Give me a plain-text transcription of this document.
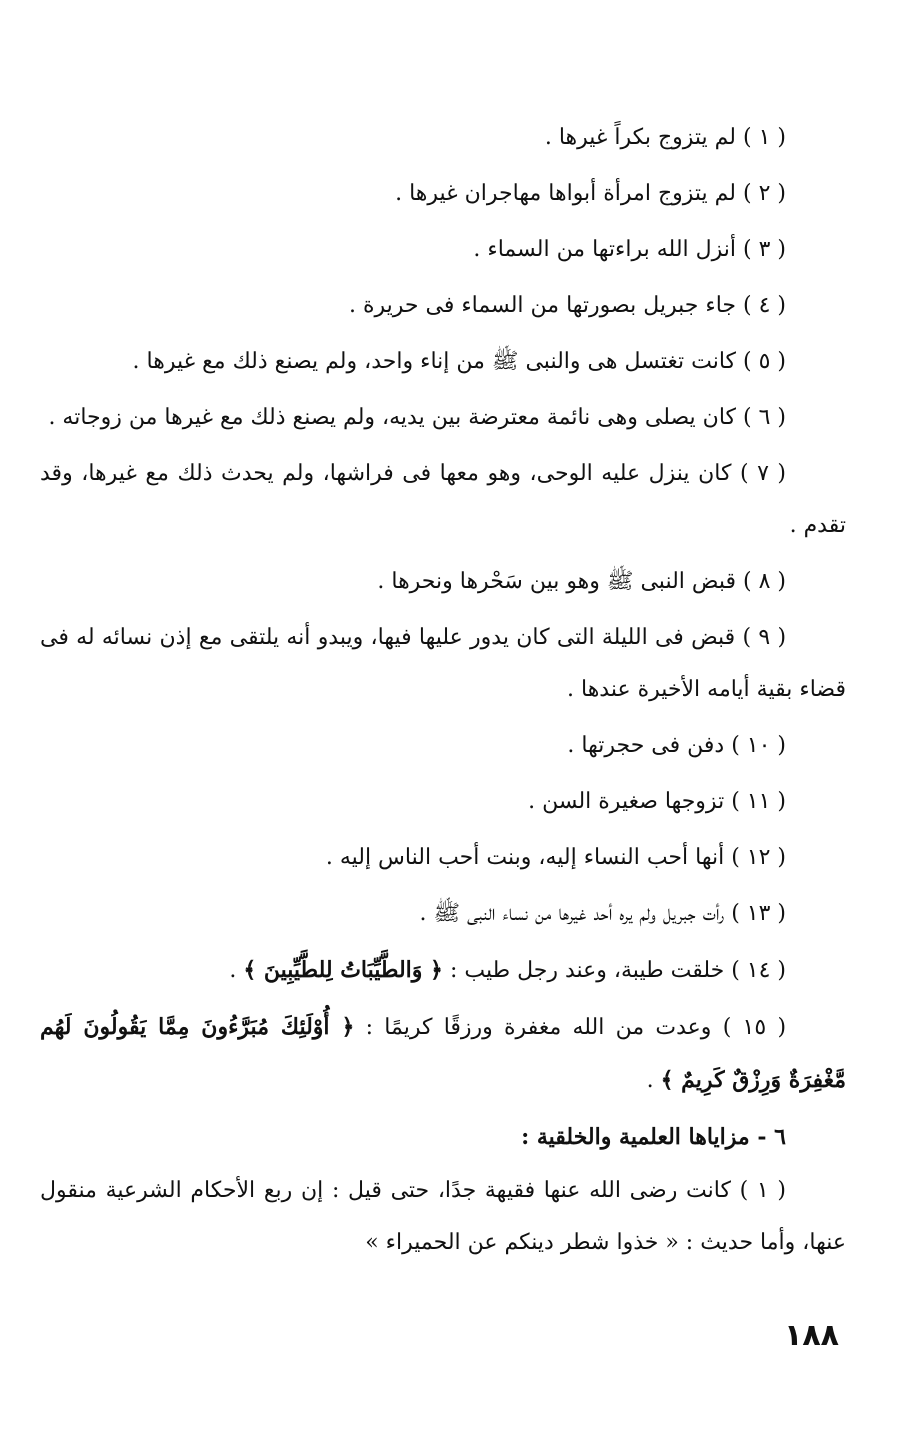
( ١ ) لم يتزوج بكراً غيرها .

( ٢ ) لم يتزوج امرأة أبواها مهاجران غيرها .

( ٣ ) أنزل الله براءتها من السماء .

( ٤ ) جاء جبريل بصورتها من السماء فى حريرة .

( ٥ ) كانت تغتسل هى والنبى ﷺ من إناء واحد، ولم يصنع ذلك مع غيرها .

( ٦ ) كان يصلى وهى نائمة معترضة بين يديه، ولم يصنع ذلك مع غيرها من زوجاته .

( ٧ ) كان ينزل عليه الوحى، وهو معها فى فراشها، ولم يحدث ذلك مع غيرها، وقد تقدم .

( ٨ ) قبض النبى ﷺ وهو بين سَحْرها ونحرها .

( ٩ ) قبض فى الليلة التى كان يدور عليها فيها، ويبدو أنه يلتقى مع إذن نسائه له فى قضاء بقية أيامه الأخيرة عندها .

( ١٠ ) دفن فى حجرتها .

( ١١ ) تزوجها صغيرة السن .

( ١٢ ) أنها أحب النساء إليه، وبنت أحب الناس إليه .

( ١٣ ) رأت جبريل ولم يره أحد غيرها من نساء النبى ﷺ .

( ١٤ ) خلقت طيبة، وعند رجل طيب : ﴿ وَالطَّيِّبَاتُ لِلطَّيِّبِينَ ﴾ .

( ١٥ ) وعدت من الله مغفرة ورزقًا كريمًا : ﴿ أُوْلَئِكَ مُبَرَّءُونَ مِمَّا يَقُولُونَ لَهُم مَّغْفِرَةٌ وَرِزْقٌ كَرِيمٌ ﴾ .

٦ - مزاياها العلمية والخلقية :

( ١ ) كانت رضى الله عنها فقيهة جدًا، حتى قيل : إن ربع الأحكام الشرعية منقول عنها، وأما حديث : « خذوا شطر دينكم عن الحميراء »

١٨٨
